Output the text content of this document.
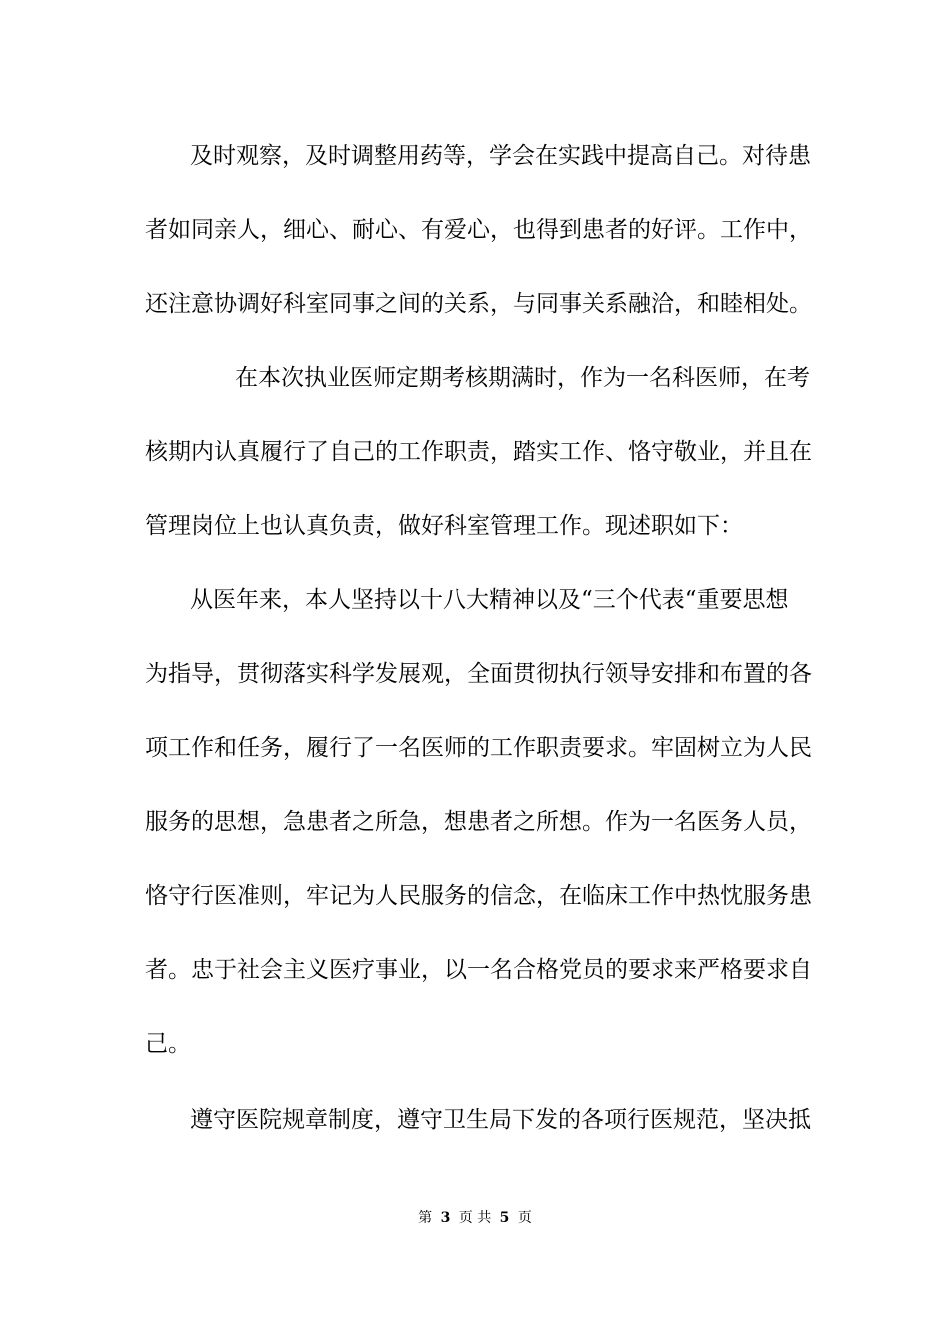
及时观察，及时调整用药等，学会在实践中提高自己。对待患
者如同亲人，细心、耐心、有爱心，也得到患者的好评。工作中，
还注意协调好科室同事之间的关系，与同事关系融洽，和睦相处。
在本次执业医师定期考核期满时，作为一名科医师，在考
核期内认真履行了自己的工作职责，踏实工作、恪守敬业，并且在
管理岗位上也认真负责，做好科室管理工作。现述职如下：
从医年来，本人坚持以十八大精神以及“三个代表“重要思想
为指导，贯彻落实科学发展观，全面贯彻执行领导安排和布置的各
项工作和任务，履行了一名医师的工作职责要求。牢固树立为人民
服务的思想，急患者之所急，想患者之所想。作为一名医务人员，
恪守行医准则，牢记为人民服务的信念，在临床工作中热忱服务患
者。忠于社会主义医疗事业，以一名合格党员的要求来严格要求自
己。
遵守医院规章制度，遵守卫生局下发的各项行医规范，坚决抵
第 3 页 共 5 页
